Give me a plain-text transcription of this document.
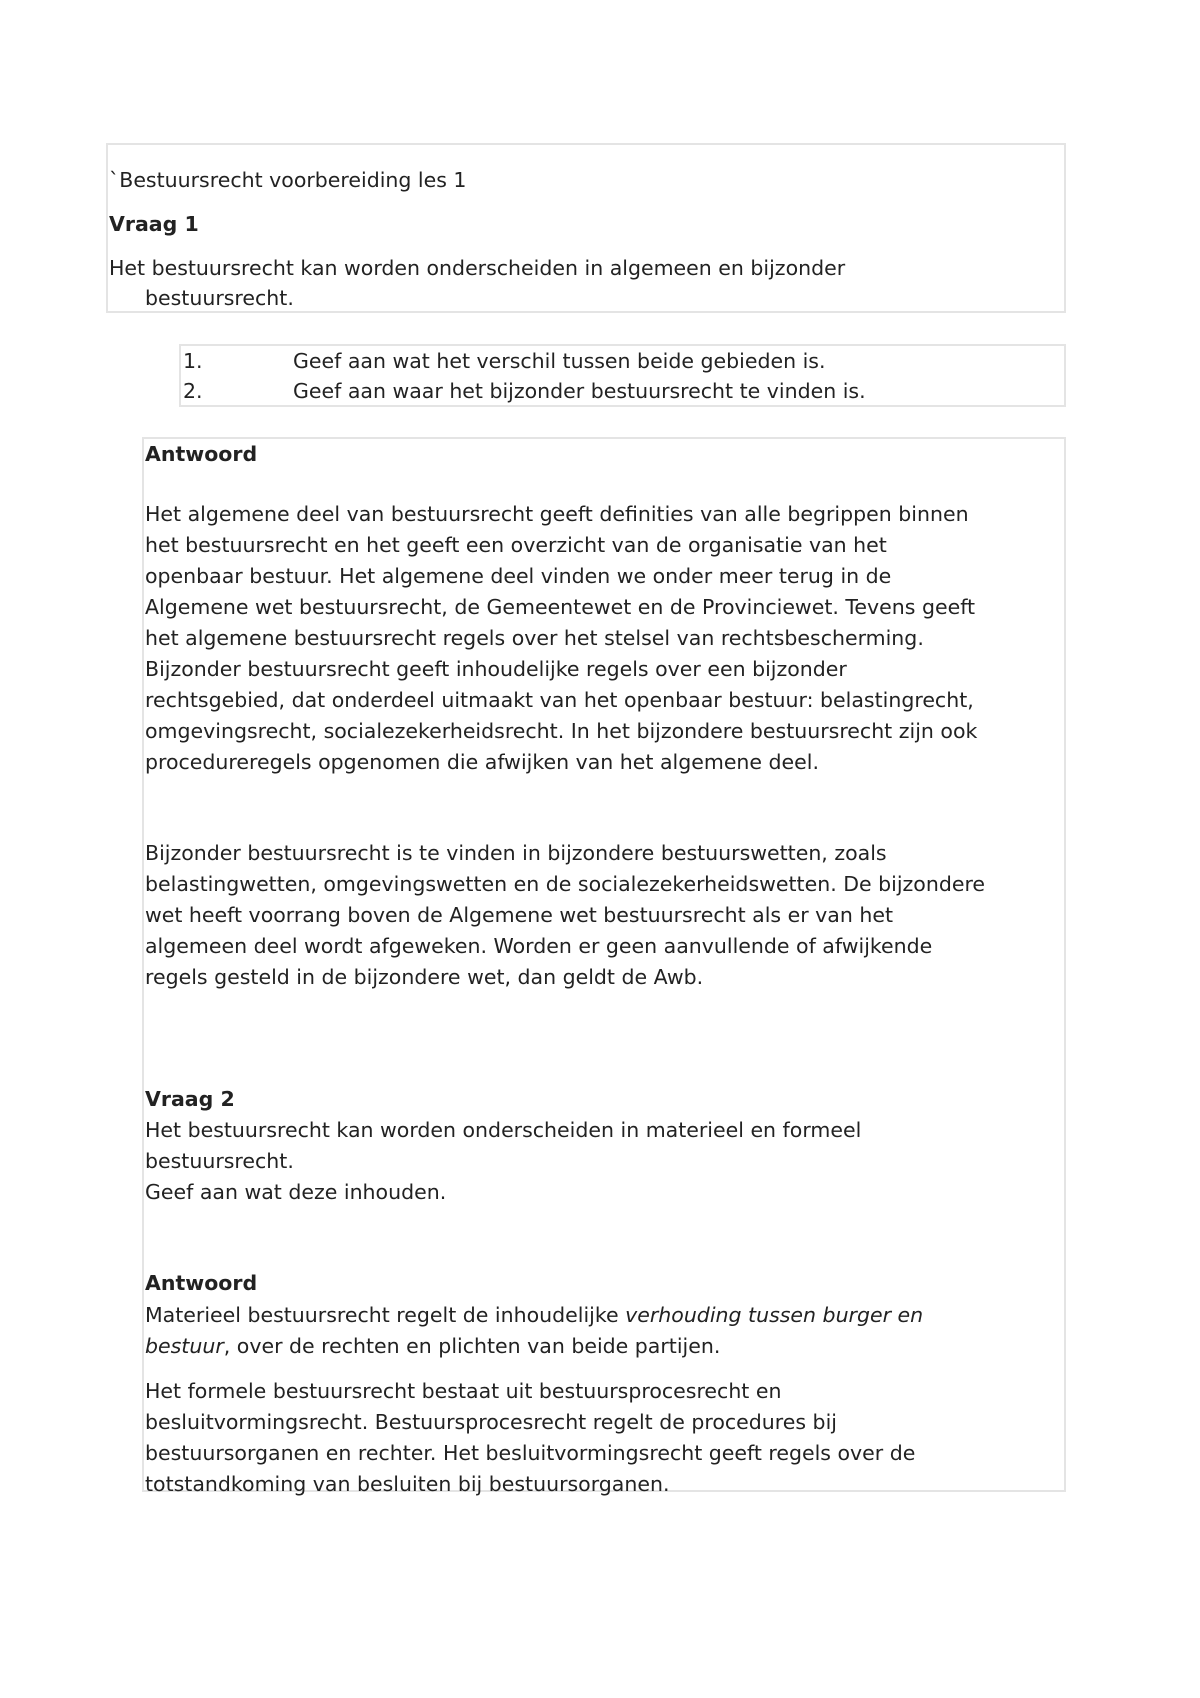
`Bestuursrecht voorbereiding les 1
Vraag 1
Het bestuursrecht kan worden onderscheiden in algemeen en bijzonder
bestuursrecht.
1.	Geef aan wat het verschil tussen beide gebieden is.
2.	Geef aan waar het bijzonder bestuursrecht te vinden is.
Antwoord
Het algemene deel van bestuursrecht geeft definities van alle begrippen binnen
het bestuursrecht en het geeft een overzicht van de organisatie van het
openbaar bestuur. Het algemene deel vinden we onder meer terug in de
Algemene wet bestuursrecht, de Gemeentewet en de Provinciewet. Tevens geeft
het algemene bestuursrecht regels over het stelsel van rechtsbescherming.
Bijzonder bestuursrecht geeft inhoudelijke regels over een bijzonder
rechtsgebied, dat onderdeel uitmaakt van het openbaar bestuur: belastingrecht,
omgevingsrecht, socialezekerheidsrecht. In het bijzondere bestuursrecht zijn ook
procedureregels opgenomen die afwijken van het algemene deel.
Bijzonder bestuursrecht is te vinden in bijzondere bestuurswetten, zoals
belastingwetten, omgevingswetten en de socialezekerheidswetten. De bijzondere
wet heeft voorrang boven de Algemene wet bestuursrecht als er van het
algemeen deel wordt afgeweken. Worden er geen aanvullende of afwijkende
regels gesteld in de bijzondere wet, dan geldt de Awb.
Vraag 2
Het bestuursrecht kan worden onderscheiden in materieel en formeel
bestuursrecht.
Geef aan wat deze inhouden.
Antwoord
Materieel bestuursrecht regelt de inhoudelijke verhouding tussen burger en
bestuur, over de rechten en plichten van beide partijen.
Het formele bestuursrecht bestaat uit bestuursprocesrecht en
besluitvormingsrecht. Bestuursprocesrecht regelt de procedures bij
bestuursorganen en rechter. Het besluitvormingsrecht geeft regels over de
totstandkoming van besluiten bij bestuursorganen.
